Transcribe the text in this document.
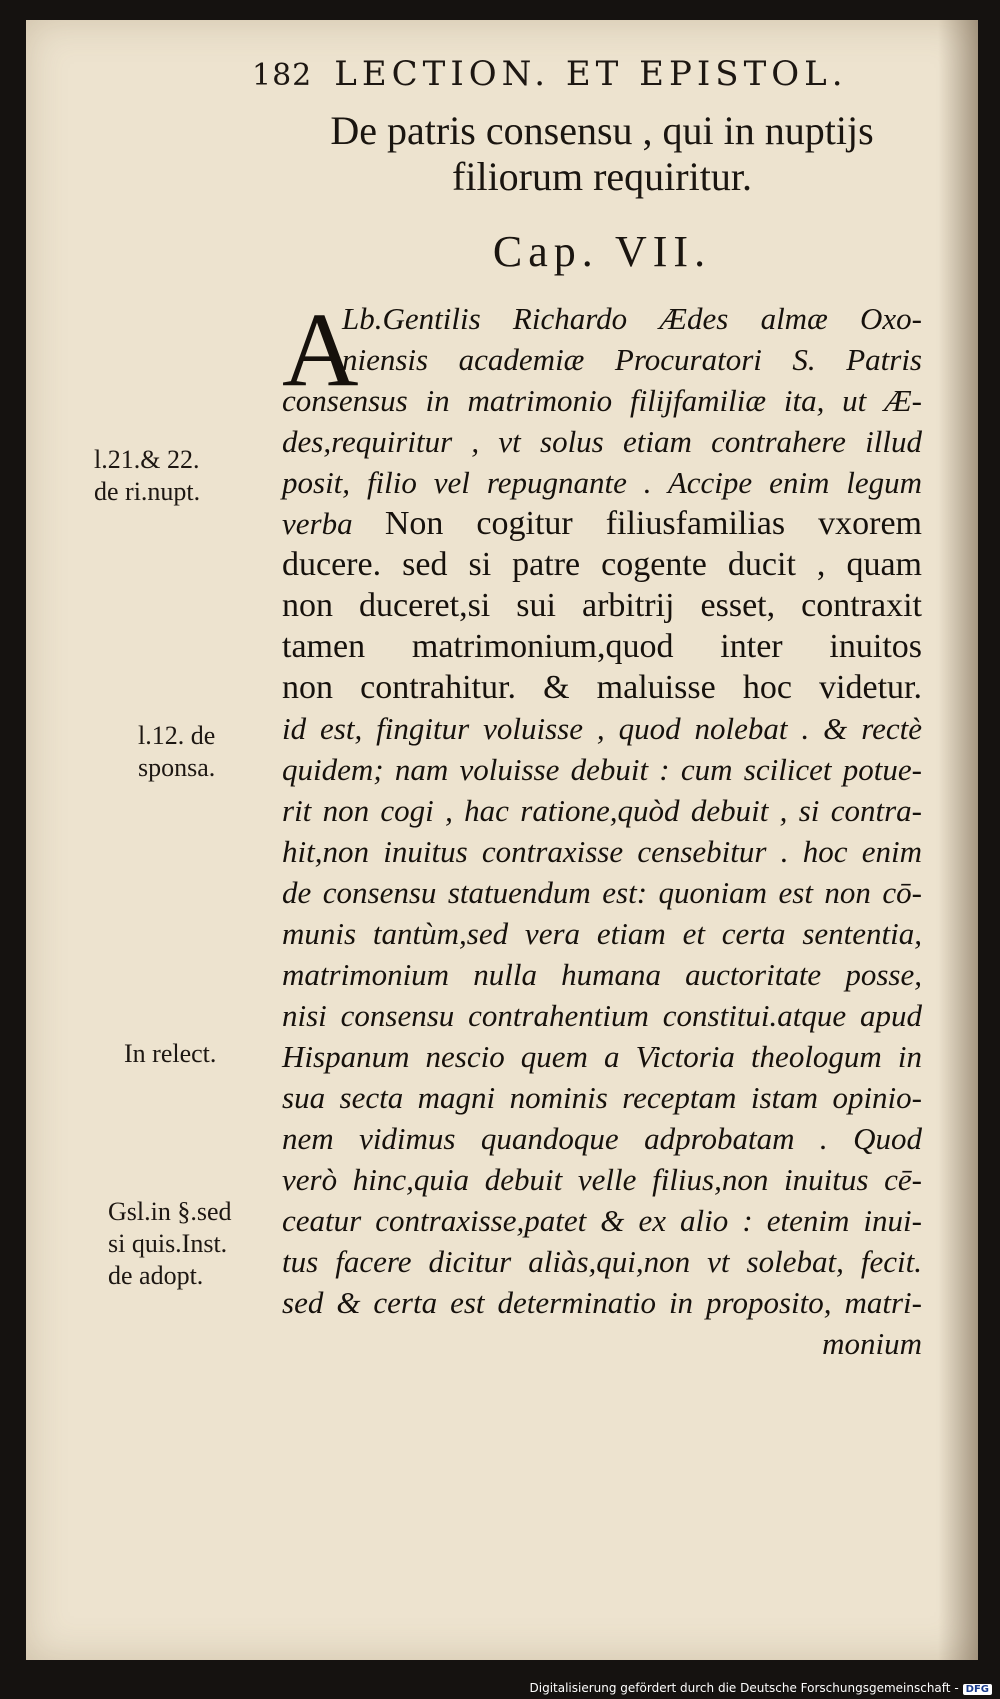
182 LECTION. ET EPISTOL.
De patris consensu , qui in nuptijs
filiorum requiritur.
Cap. VII.
A
Lb.Gentilis Richardo Ædes almæ Oxo-
niensis academiæ Procuratori S. Patris
consensus in matrimonio filijfamiliæ ita, ut Æ-
des,requiritur , vt solus etiam contrahere illud
posit, filio vel repugnante . Accipe enim legum
verba Non cogitur filiusfamilias vxorem
ducere. sed si patre cogente ducit , quam
non duceret,si sui arbitrij esset, contraxit
tamen matrimonium,quod inter inuitos
non contrahitur. & maluisse hoc videtur.
id est, fingitur voluisse , quod nolebat . & rectè
quidem; nam voluisse debuit : cum scilicet potue-
rit non cogi , hac ratione,quòd debuit , si contra-
hit,non inuitus contraxisse censebitur . hoc enim
de consensu statuendum est: quoniam est non cō-
munis tantùm,sed vera etiam et certa sententia,
matrimonium nulla humana auctoritate posse,
nisi consensu contrahentium constitui.atque apud
Hispanum nescio quem a Victoria theologum in
sua secta magni nominis receptam istam opinio-
nem vidimus quandoque adprobatam . Quod
verò hinc,quia debuit velle filius,non inuitus cē-
ceatur contraxisse,patet & ex alio : etenim inui-
tus facere dicitur aliàs,qui,non vt solebat, fecit.
sed & certa est determinatio in proposito, matri-
monium
l.21.& 22.
de ri.nupt.
l.12. de
sponsa.
In relect.
Gsl.in §.sed
si quis.Inst.
de adopt.
Digitalisierung gefördert durch die Deutsche Forschungsgemeinschaft - DFG
